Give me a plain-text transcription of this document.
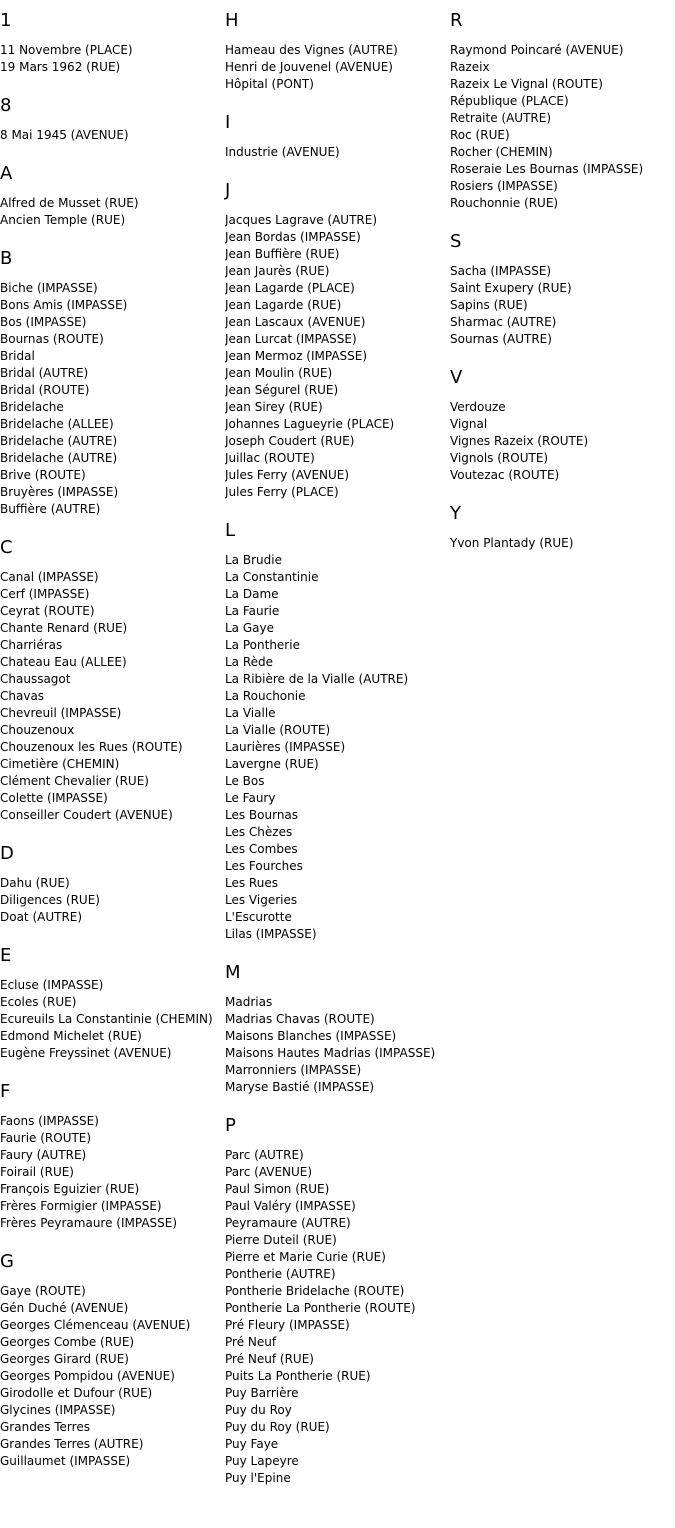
1
11 Novembre (PLACE)
19 Mars 1962 (RUE)
8
8 Mai 1945 (AVENUE)
A
Alfred de Musset (RUE)
Ancien Temple (RUE)
B
Biche (IMPASSE)
Bons Amis (IMPASSE)
Bos (IMPASSE)
Bournas (ROUTE)
Bridal
Bridal (AUTRE)
Bridal (ROUTE)
Bridelache
Bridelache (ALLEE)
Bridelache (AUTRE)
Bridelache (AUTRE)
Brive (ROUTE)
Bruyères (IMPASSE)
Buffière (AUTRE)
C
Canal (IMPASSE)
Cerf (IMPASSE)
Ceyrat (ROUTE)
Chante Renard (RUE)
Charriéras
Chateau Eau (ALLEE)
Chaussagot
Chavas
Chevreuil (IMPASSE)
Chouzenoux
Chouzenoux les Rues (ROUTE)
Cimetière (CHEMIN)
Clément Chevalier (RUE)
Colette (IMPASSE)
Conseiller Coudert (AVENUE)
D
Dahu (RUE)
Diligences (RUE)
Doat (AUTRE)
E
Ecluse (IMPASSE)
Ecoles (RUE)
Ecureuils La Constantinie (CHEMIN)
Edmond Michelet (RUE)
Eugène Freyssinet (AVENUE)
F
Faons (IMPASSE)
Faurie (ROUTE)
Faury (AUTRE)
Foirail (RUE)
François Eguizier (RUE)
Frères Formigier (IMPASSE)
Frères Peyramaure (IMPASSE)
G
Gaye (ROUTE)
Gén Duché (AVENUE)
Georges Clémenceau (AVENUE)
Georges Combe (RUE)
Georges Girard (RUE)
Georges Pompidou (AVENUE)
Girodolle et Dufour (RUE)
Glycines (IMPASSE)
Grandes Terres
Grandes Terres (AUTRE)
Guillaumet (IMPASSE)
H
Hameau des Vignes (AUTRE)
Henri de Jouvenel (AVENUE)
Hôpital (PONT)
I
Industrie (AVENUE)
J
Jacques Lagrave (AUTRE)
Jean Bordas (IMPASSE)
Jean Buffière (RUE)
Jean Jaurès (RUE)
Jean Lagarde (PLACE)
Jean Lagarde (RUE)
Jean Lascaux (AVENUE)
Jean Lurcat (IMPASSE)
Jean Mermoz (IMPASSE)
Jean Moulin (RUE)
Jean Ségurel (RUE)
Jean Sirey (RUE)
Johannes Lagueyrie (PLACE)
Joseph Coudert (RUE)
Juillac (ROUTE)
Jules Ferry (AVENUE)
Jules Ferry (PLACE)
L
La Brudie
La Constantinie
La Dame
La Faurie
La Gaye
La Pontherie
La Rède
La Ribière de la Vialle (AUTRE)
La Rouchonie
La Vialle
La Vialle (ROUTE)
Laurières (IMPASSE)
Lavergne (RUE)
Le Bos
Le Faury
Les Bournas
Les Chèzes
Les Combes
Les Fourches
Les Rues
Les Vigeries
L'Escurotte
Lilas (IMPASSE)
M
Madrias
Madrias Chavas (ROUTE)
Maisons Blanches (IMPASSE)
Maisons Hautes Madrias (IMPASSE)
Marronniers (IMPASSE)
Maryse Bastié (IMPASSE)
P
Parc (AUTRE)
Parc (AVENUE)
Paul Simon (RUE)
Paul Valéry (IMPASSE)
Peyramaure (AUTRE)
Pierre Duteil (RUE)
Pierre et Marie Curie (RUE)
Pontherie (AUTRE)
Pontherie Bridelache (ROUTE)
Pontherie La Pontherie (ROUTE)
Pré Fleury (IMPASSE)
Pré Neuf
Pré Neuf (RUE)
Puits La Pontherie (RUE)
Puy Barrière
Puy du Roy
Puy du Roy (RUE)
Puy Faye
Puy Lapeyre
Puy l'Epine
R
Raymond Poincaré (AVENUE)
Razeix
Razeix Le Vignal (ROUTE)
République (PLACE)
Retraite (AUTRE)
Roc (RUE)
Rocher (CHEMIN)
Roseraie Les Bournas (IMPASSE)
Rosiers (IMPASSE)
Rouchonnie (RUE)
S
Sacha (IMPASSE)
Saint Exupery (RUE)
Sapins (RUE)
Sharmac (AUTRE)
Sournas (AUTRE)
V
Verdouze
Vignal
Vignes Razeix (ROUTE)
Vignols (ROUTE)
Voutezac (ROUTE)
Y
Yvon Plantady (RUE)
